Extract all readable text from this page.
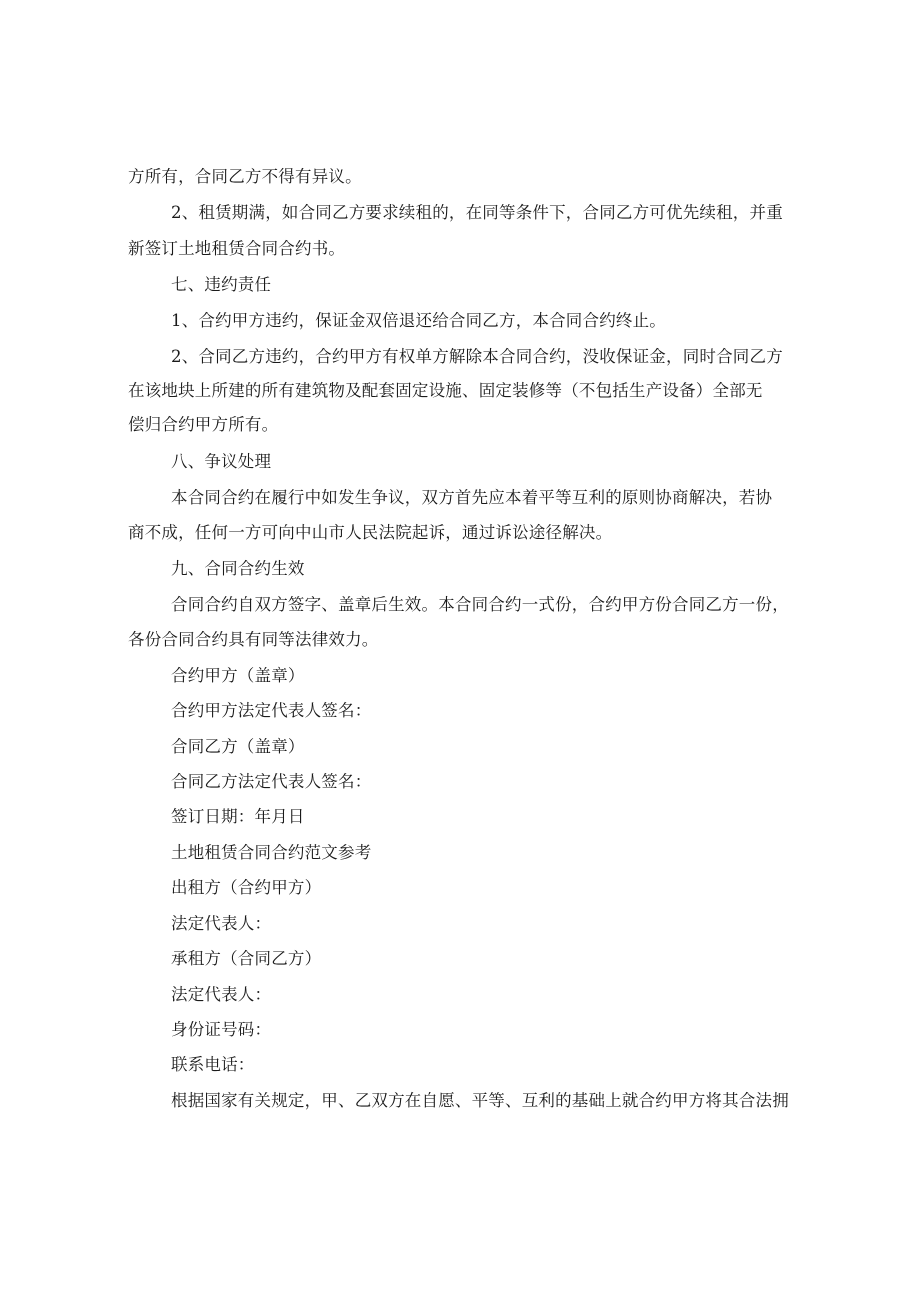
方所有，合同乙方不得有异议。
2、租赁期满，如合同乙方要求续租的，在同等条件下，合同乙方可优先续租，并重
新签订土地租赁合同合约书。
七、违约责任
1、合约甲方违约，保证金双倍退还给合同乙方，本合同合约终止。
2、合同乙方违约，合约甲方有权单方解除本合同合约，没收保证金，同时合同乙方
在该地块上所建的所有建筑物及配套固定设施、固定装修等（不包括生产设备）全部无
偿归合约甲方所有。
八、争议处理
本合同合约在履行中如发生争议，双方首先应本着平等互利的原则协商解决，若协
商不成，任何一方可向中山市人民法院起诉，通过诉讼途径解决。
九、合同合约生效
合同合约自双方签字、盖章后生效。本合同合约一式份，合约甲方份合同乙方一份，
各份合同合约具有同等法律效力。
合约甲方（盖章）
合约甲方法定代表人签名：
合同乙方（盖章）
合同乙方法定代表人签名：
签订日期：年月日
土地租赁合同合约范文参考
出租方（合约甲方）
法定代表人：
承租方（合同乙方）
法定代表人：
身份证号码：
联系电话：
根据国家有关规定，甲、乙双方在自愿、平等、互利的基础上就合约甲方将其合法拥
